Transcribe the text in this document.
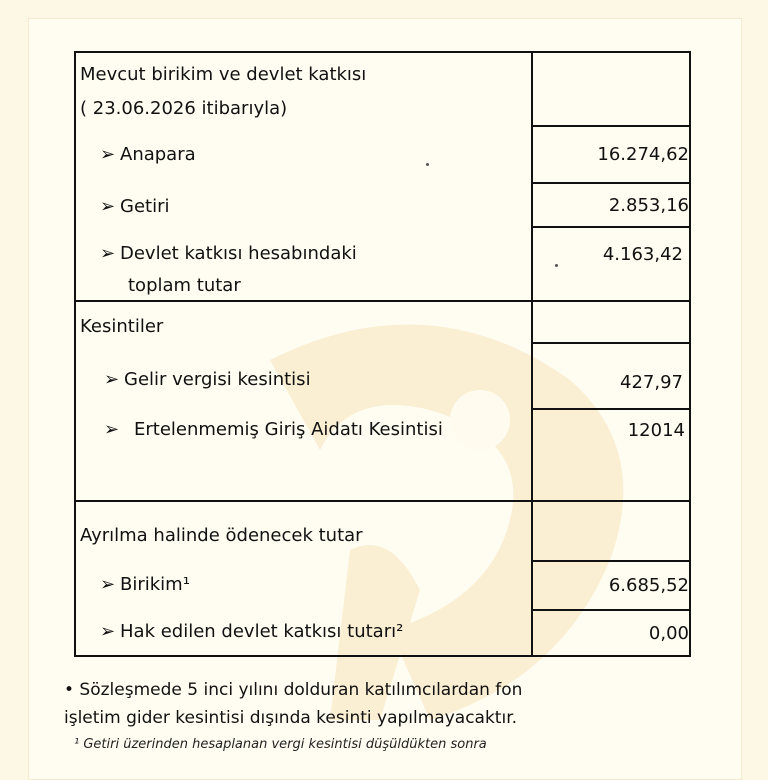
Mevcut birikim ve devlet katkısı
( 23.06.2026 itibarıyla)	

➢ Anapara	16.274,62

➢ Getiri	2.853,16

➢ Devlet katkısı hesabındaki
toplam tutar	4.163,42

Kesintiler	

➢ Gelir vergisi kesintisi	427,97

➢ Ertelenmemiş Giriş Aidatı Kesintisi	12014

Ayrılma halinde ödenecek tutar	

➢ Birikim¹	6.685,52

➢ Hak edilen devlet katkısı tutarı²	0,00
• Sözleşmede 5 inci yılını dolduran katılımcılardan fon
işletim gider kesintisi dışında kesinti yapılmayacaktır.
¹ Getiri üzerinden hesaplanan vergi kesintisi düşüldükten sonra
